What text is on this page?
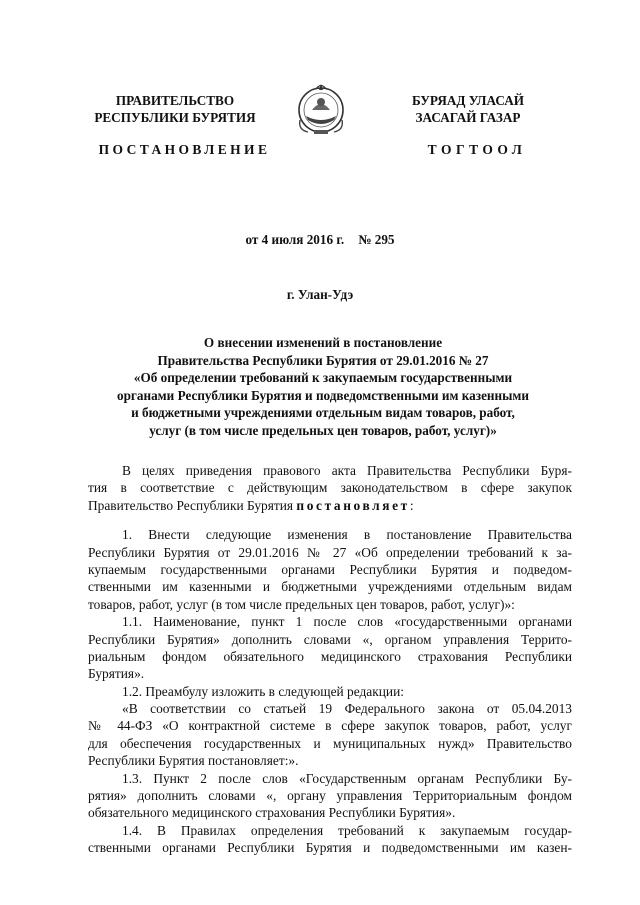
ПРАВИТЕЛЬСТВО
РЕСПУБЛИКИ БУРЯТИЯ
БУРЯАД УЛАСАЙ
ЗАСАГАЙ ГАЗАР
ПОСТАНОВЛЕНИЕ	ТОГТООЛ
от 4 июля 2016 г. № 295
г. Улан-Удэ
О внесении изменений в постановление
Правительства Республики Бурятия от 29.01.2016 № 27
«Об определении требований к закупаемым государственными
органами Республики Бурятия и подведомственными им казенными
и бюджетными учреждениями отдельным видам товаров, работ,
услуг (в том числе предельных цен товаров, работ, услуг)»
В целях приведения правового акта Правительства Республики Буря-
тия в соответствие с действующим законодательством в сфере закупок
Правительство Республики Бурятия постановляет:
1. Внести следующие изменения в постановление Правительства
Республики Бурятия от 29.01.2016 № 27 «Об определении требований к за-
купаемым государственными органами Республики Бурятия и подведом-
ственными им казенными и бюджетными учреждениями отдельным видам
товаров, работ, услуг (в том числе предельных цен товаров, работ, услуг)»:
1.1. Наименование, пункт 1 после слов «государственными органами
Республики Бурятия» дополнить словами «, органом управления Террито-
риальным фондом обязательного медицинского страхования Республики
Бурятия».
1.2. Преамбулу изложить в следующей редакции:
«В соответствии со статьей 19 Федерального закона от 05.04.2013
№ 44-ФЗ «О контрактной системе в сфере закупок товаров, работ, услуг
для обеспечения государственных и муниципальных нужд» Правительство
Республики Бурятия постановляет:».
1.3. Пункт 2 после слов «Государственным органам Республики Бу-
рятия» дополнить словами «, органу управления Территориальным фондом
обязательного медицинского страхования Республики Бурятия».
1.4. В Правилах определения требований к закупаемым государ-
ственными органами Республики Бурятия и подведомственными им казен-
